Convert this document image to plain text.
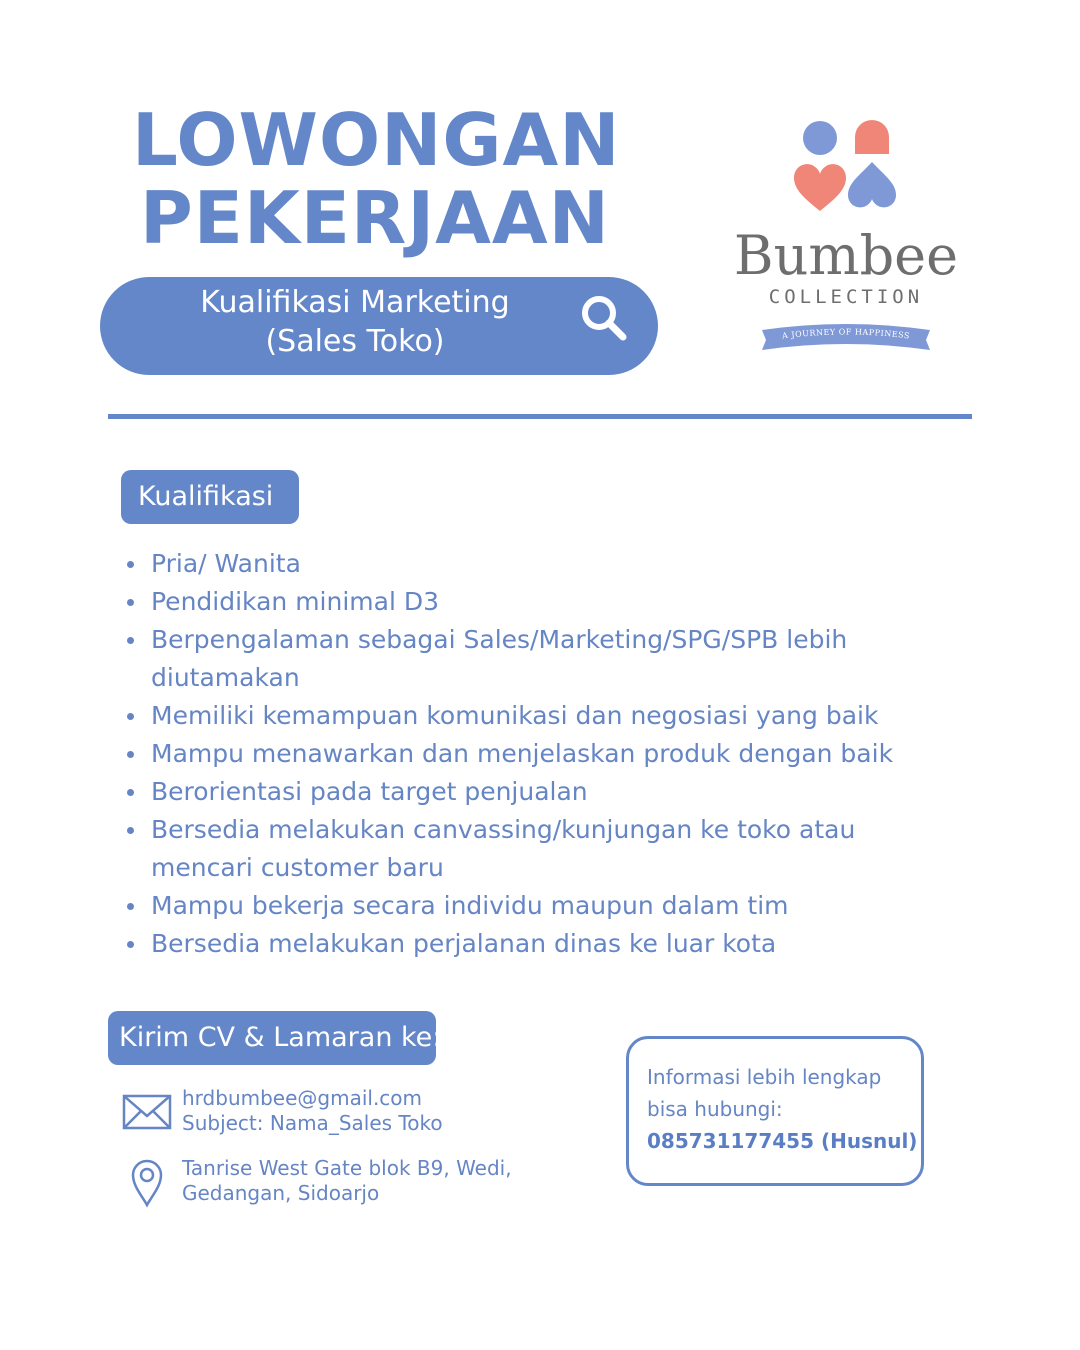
LOWONGAN
PEKERJAAN
Kualifikasi Marketing
(Sales Toko)
Bumbee
COLLECTION
A JOURNEY OF HAPPINESS
Kualifikasi
Pria/ Wanita
Pendidikan minimal D3
Berpengalaman sebagai Sales/Marketing/SPG/SPB lebih diutamakan
Memiliki kemampuan komunikasi dan negosiasi yang baik
Mampu menawarkan dan menjelaskan produk dengan baik
Berorientasi pada target penjualan
Bersedia melakukan canvassing/kunjungan ke toko atau mencari customer baru
Mampu bekerja secara individu maupun dalam tim
Bersedia melakukan perjalanan dinas ke luar kota
Kirim CV & Lamaran ke:
hrdbumbee@gmail.com
Subject: Nama_Sales Toko
Tanrise West Gate blok B9, Wedi,
Gedangan, Sidoarjo
Informasi lebih lengkap
bisa hubungi:
085731177455 (Husnul)
